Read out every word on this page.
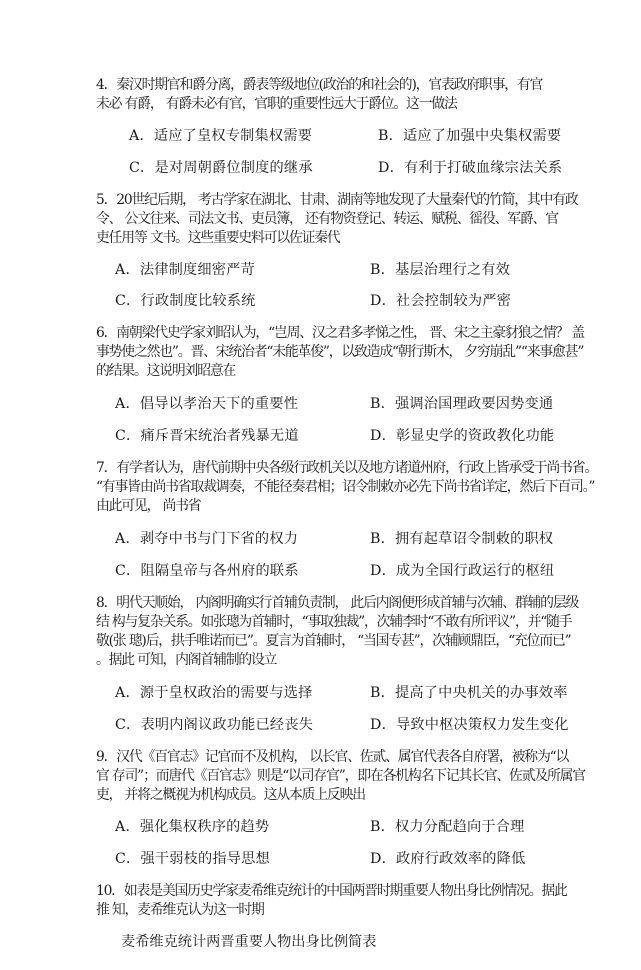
4．秦汉时期官和爵分离，爵表等级地位(政治的和社会的)，官表政府职事，有官
未必 有爵， 有爵未必有官，官职的重要性远大于爵位。这一做法
A．适应了皇权专制集权需要	B．适应了加强中央集权需要
C．是对周朝爵位制度的继承	D．有利于打破血缘宗法关系
5．20世纪后期， 考古学家在湖北、甘肃、湖南等地发现了大量秦代的竹简，其中有政
令、 公文往来、司法文书、吏员簿， 还有物资登记、转运、赋税、徭役、军爵、官
吏任用等 文书。这些重要史料可以佐证秦代
A．法律制度细密严苛	B．基层治理行之有效
C．行政制度比较系统	D．社会控制较为严密
6．南朝梁代史学家刘昭认为，“岂周、汉之君多孝悌之性， 晋、宋之主豪豺狼之情？ 盖
事势使之然也”。晋、宋统治者“未能革俊”，以致造成“朝行斯木， 夕穷崩乱”“来事愈甚”
的结果。这说明刘昭意在
A．倡导以孝治天下的重要性	B．强调治国理政要因势变通
C．痛斥晋宋统治者残暴无道	D．彰显史学的资政教化功能
7．有学者认为，唐代前期中央各级行政机关以及地方诸道州府，行政上皆承受于尚书省。
“有事皆由尚书省取裁调奏，不能径奏君相；诏令制敕亦必先下尚书省详定，然后下百司。”
由此可见， 尚书省
A．剥夺中书与门下省的权力	B．拥有起草诏令制敕的职权
C．阻隔皇帝与各州府的联系	D．成为全国行政运行的枢纽
8．明代天顺始， 内阁明确实行首辅负责制， 此后内阁便形成首辅与次辅、群辅的层级
结 构与复杂关系。如张璁为首辅时，“事取独裁”，次辅李时“不敢有所评议”，并“随手
敬(张 璁)后，拱手唯诺而已”。夏言为首辅时， “当国专甚”，次辅顾鼎臣，“充位而已”
。据此 可知，内阁首辅制的设立
A．源于皇权政治的需要与选择	B．提高了中央机关的办事效率
C．表明内阁议政功能已经丧失	D．导致中枢决策权力发生变化
9．汉代《百官志》记官而不及机构， 以长官、佐贰、属官代表各自府署，被称为“以
官 存司”；而唐代《百官志》则是“以司存官”，即在各机构名下记其长官、佐贰及所属官
吏， 并将之概视为机构成员。这从本质上反映出
A．强化集权秩序的趋势	B．权力分配趋向于合理
C．强干弱枝的指导思想	D．政府行政效率的降低
10．如表是美国历史学家麦希维克统计的中国两晋时期重要人物出身比例情况。据此
推 知，麦希维克认为这一时期
麦希维克统计两晋重要人物出身比例简表
